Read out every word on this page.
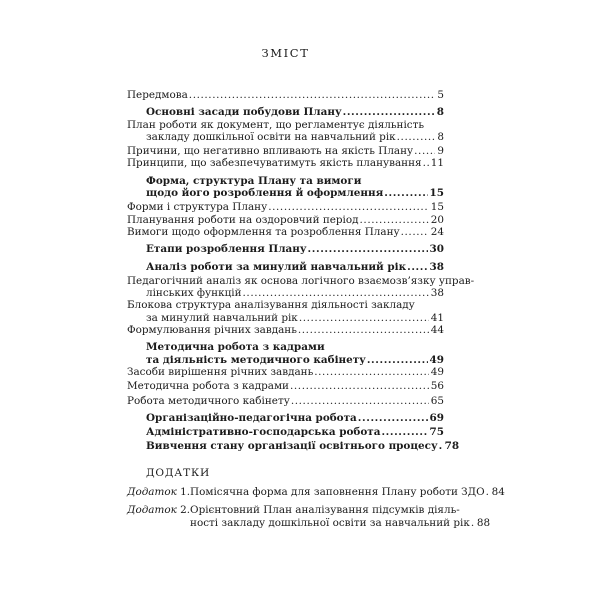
ЗМІСТ
Передмова .....	5
Основні засади побудови Плану .....	8
План роботи як документ, що регламентує діяльність
закладу дошкільної освіти на навчальний рік .....	8
Причини, що негативно впливають на якість Плану ..... 9
Принципи, що забезпечуватимуть якість планування ..... 11
Форма, структура Плану та вимоги
щодо його розроблення й оформлення .....	15
Форми і структура Плану .....	15
Планування роботи на оздоровчий період .....	20
Вимоги щодо оформлення та розроблення Плану .....	24
Етапи розроблення Плану .....	30
Аналіз роботи за минулий навчальний рік ..... 38
Педагогічний аналіз як основа логічного взаємозв’язку управ-
лінських функцій .....	38
Блокова структура аналізування діяльності закладу
за минулий навчальний рік .....	41
Формулювання річних завдань .....	44
Методична робота з кадрами
та діяльність методичного кабінету .....	49
Засоби вирішення річних завдань .....	49
Методична робота з кадрами .....	56
Робота методичного кабінету .....	65
Організаційно-педагогічна робота .....	69
Адміністративно-господарська робота .....	75
Вивчення стану організації освітнього процесу ..... 78
ДОДАТКИ
Додаток 1. Помісячна форма для заповнення Плану роботи ЗДО ..... 84
Додаток 2. Орієнтовний План аналізування підсумків діяль-
ності закладу дошкільної освіти за навчальний рік ..... 88
